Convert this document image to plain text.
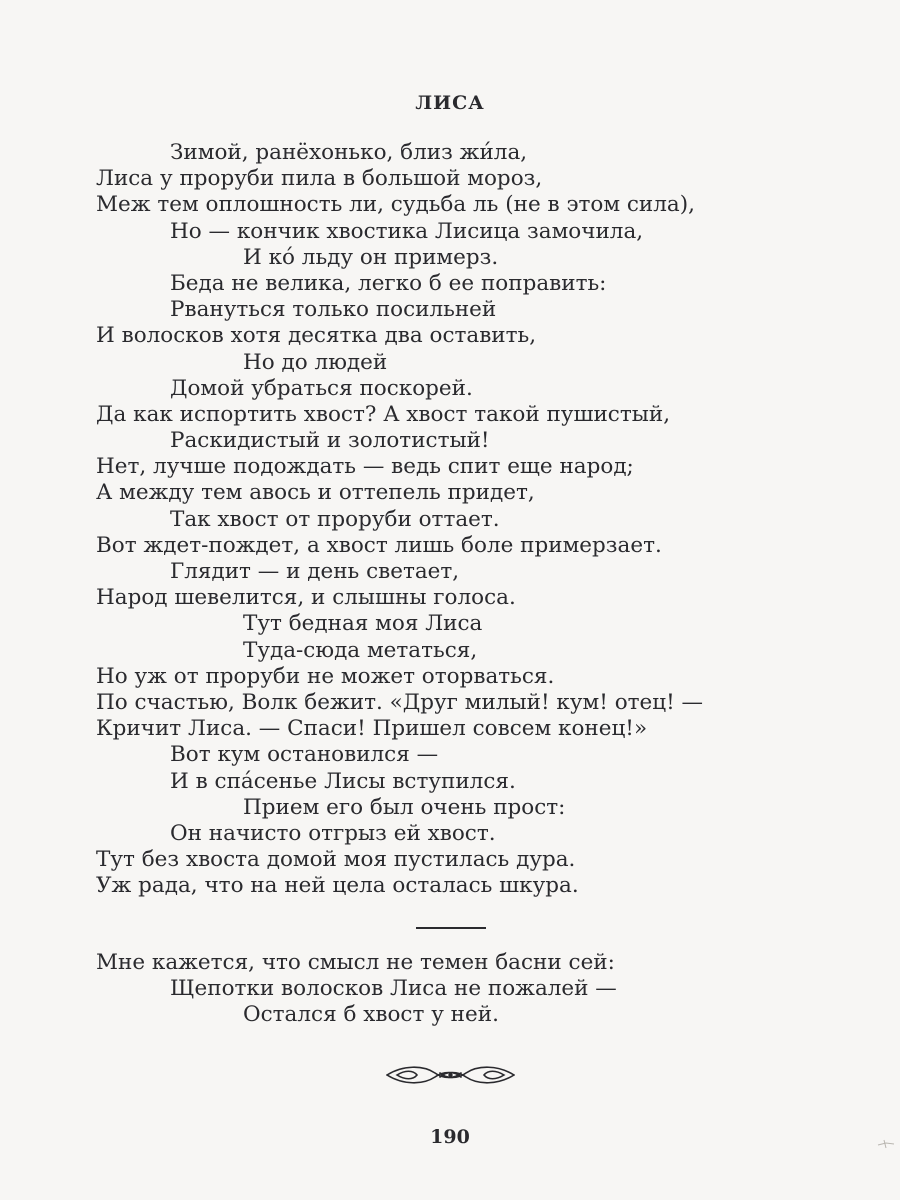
ЛИСА
Зимой, ранёхонько, близ жи́ла,
Лиса у проруби пила в большой мороз,
Меж тем оплошность ли, судьба ль (не в этом сила),
Но — кончик хвостика Лисица замочила,
И ко́ льду он примерз.
Беда не велика, легко б ее поправить:
Рвануться только посильней
И волосков хотя десятка два оставить,
Но до людей
Домой убраться поскорей.
Да как испортить хвост? А хвост такой пушистый,
Раскидистый и золотистый!
Нет, лучше подождать — ведь спит еще народ;
А между тем авось и оттепель придет,
Так хвост от проруби оттает.
Вот ждет-пождет, а хвост лишь боле примерзает.
Глядит — и день светает,
Народ шевелится, и слышны голоса.
Тут бедная моя Лиса
Туда-сюда метаться,
Но уж от проруби не может оторваться.
По счастью, Волк бежит. «Друг милый! кум! отец! —
Кричит Лиса. — Спаси! Пришел совсем конец!»
Вот кум остановился —
И в спа́сенье Лисы вступился.
Прием его был очень прост:
Он начисто отгрыз ей хвост.
Тут без хвоста домой моя пустилась дура.
Уж рада, что на ней цела осталась шкура.
Мне кажется, что смысл не темен басни сей:
Щепотки волосков Лиса не пожалей —
Остался б хвост у ней.
190
